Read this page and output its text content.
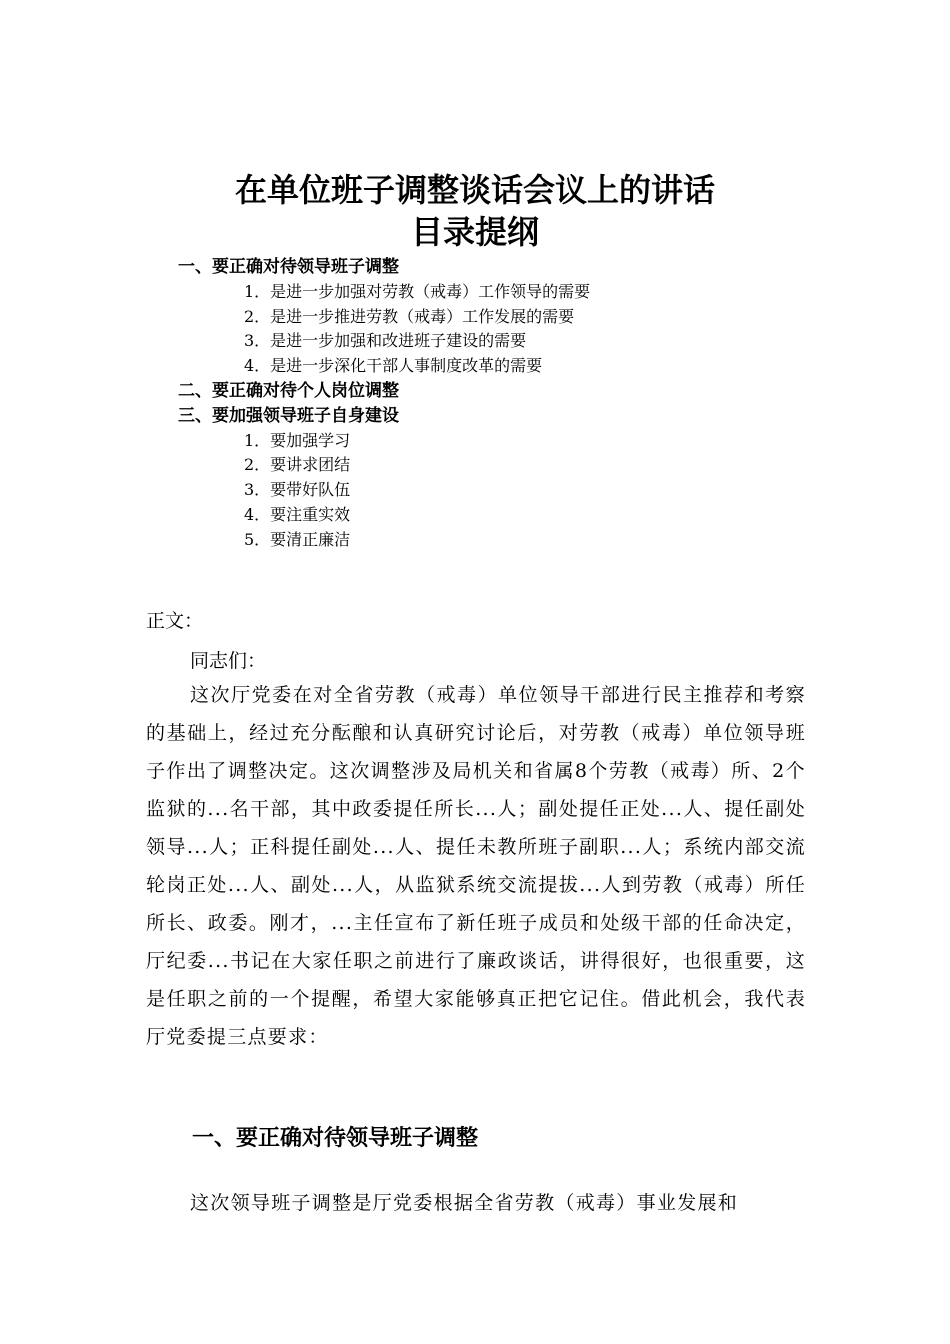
在单位班子调整谈话会议上的讲话
目录提纲
一、要正确对待领导班子调整
1．是进一步加强对劳教（戒毒）工作领导的需要
2．是进一步推进劳教（戒毒）工作发展的需要
3．是进一步加强和改进班子建设的需要
4．是进一步深化干部人事制度改革的需要
二、要正确对待个人岗位调整
三、要加强领导班子自身建设
1．要加强学习
2．要讲求团结
3．要带好队伍
4．要注重实效
5．要清正廉洁

正文：

同志们：

这次厅党委在对全省劳教（戒毒）单位领导干部进行民主推荐和考察的基础上，经过充分酝酿和认真研究讨论后，对劳教（戒毒）单位领导班子作出了调整决定。这次调整涉及局机关和省属8个劳教（戒毒）所、2个监狱的...名干部，其中政委提任所长...人；副处提任正处...人、提任副处领导...人；正科提任副处...人、提任未教所班子副职...人；系统内部交流轮岗正处...人、副处...人，从监狱系统交流提拔...人到劳教（戒毒）所任所长、政委。刚才，...主任宣布了新任班子成员和处级干部的任命决定，厅纪委...书记在大家任职之前进行了廉政谈话，讲得很好，也很重要，这是任职之前的一个提醒，希望大家能够真正把它记住。借此机会，我代表厅党委提三点要求：

一、要正确对待领导班子调整

这次领导班子调整是厅党委根据全省劳教（戒毒）事业发展和
